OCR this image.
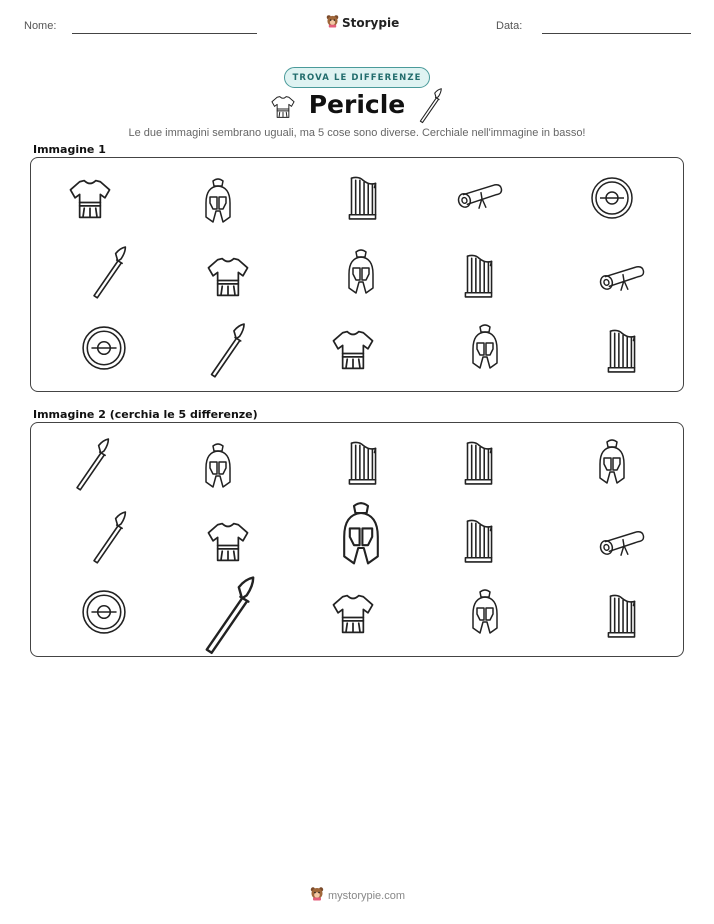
Nome:	Storypie	Data:
TROVA LE DIFFERENZE
Pericle
Le due immagini sembrano uguali, ma 5 cose sono diverse. Cerchiale nell'immagine in basso!
Immagine 1
Immagine 2 (cerchia le 5 differenze)
mystorypie.com
